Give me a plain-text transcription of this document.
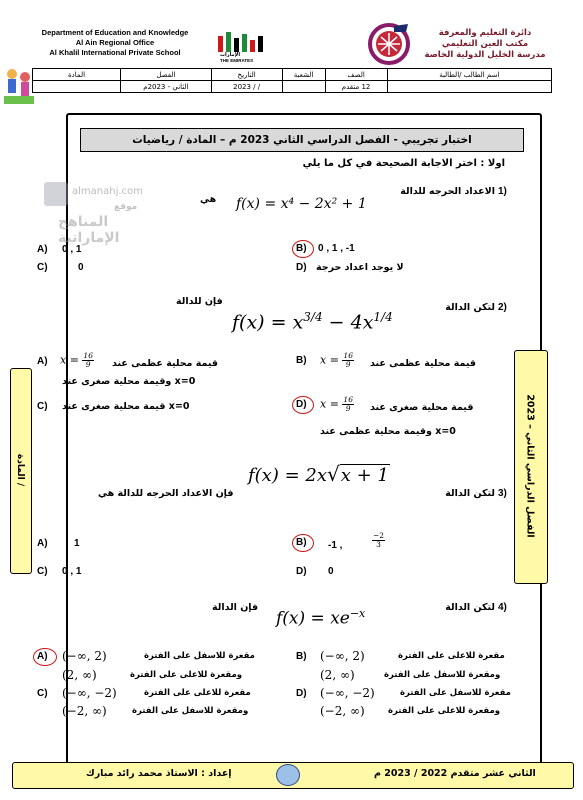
Department of Education and Knowledge
Al Ain Regional Office
Al Khalil International Private School	الإمارات
THE EMIRATES
دائرة التعليم والمعرفة
مكتب العين التعليمي
مدرسة الخليل الدولية الخاصة
اسم الطالب /الطالبة	الصف	الشعبة	التاريخ	الفصل	المادة
	12 متقدم		/ / 2023	الثاني - 2023م	
اختبار تجريبي - الفصل الدراسي الثاني 2023 م – المادة / رياضيات
اولا : اختر الاجابة الصحيحة في كل ما يلي
almanahj.com
موقع
المناهج الإماراتية
1)
الاعداد الحرجه للدالة
f(x) = x⁴ − 2x² + 1
هي
A) 0 , 1	B) 0 , 1 , -1
C)	0	D) لا يوجد اعداد حرجة
2)
لتكن الدالة
فإن للدالة
$f(x) = x^{3/4} - 4x^{1/4}$
A) $x = \frac{16}{9}$ قيمة محلية عظمى عند
وقيمة محلية صغرى عند x=0
B) $x = \frac{16}{9}$ قيمة محلية عظمى عند
C) قيمة محلية صغرى عند x=0	D) $x = \frac{16}{9}$ قيمة محلية صغرى عند
وقيمة محلية عظمى عند x=0
f(x) = 2x√x + 1
3)
لتكن الدالة
فإن الاعداد الحرجه للدالة هي
A)	1	B) -1 ,	$\frac{-2}{3}$
C) 0 , 1	D) 0
4)
لتكن الدالة
فإن الدالة
$f(x) = xe^{-x}$
A) (−∞, 2)	مقعرة للاسفل على الفترة
(2, ∞)	ومقعرة للاعلى على الفترة
B) (−∞, 2)	مقعرة للاعلى على الفترة
(2, ∞)	ومقعرة للاسفل على الفترة
C) (−∞, −2)	مقعرة للاعلى على الفترة
(−2, ∞)	ومقعرة للاسفل على الفترة
D) (−∞, −2)	مقعرة للاسفل على الفترة
(−2, ∞)	ومقعرة للاعلى على الفترة
الفصل الدراسي الثاني – 2023
المادة /
الثاني عشر متقدم 2022 / 2023 م
إعداد : الاستاذ محمد رائد مبارك
